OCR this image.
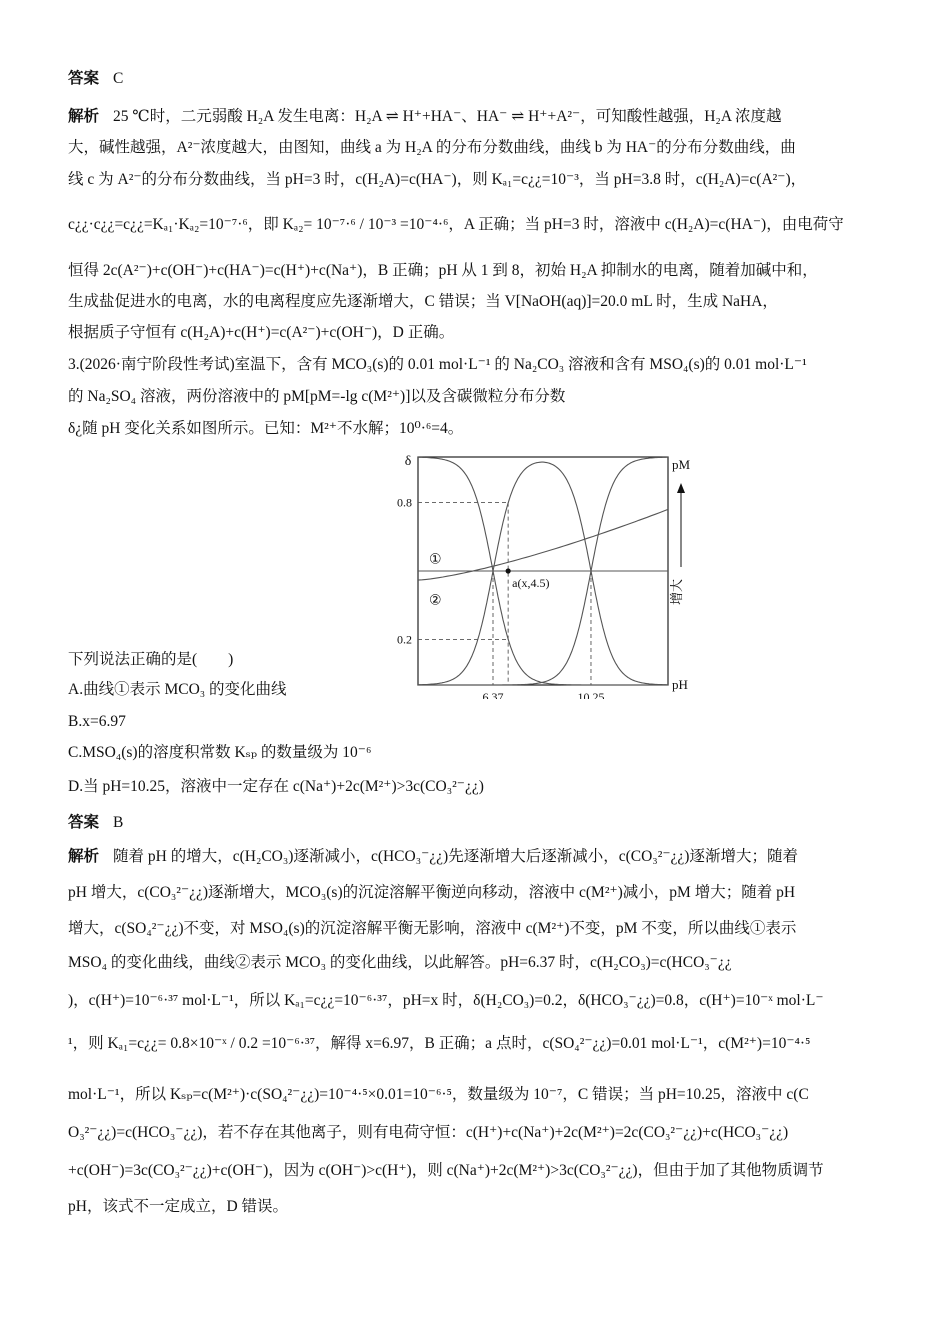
答案 C
解析 25 ℃时，二元弱酸 H₂A 发生电离：H₂A ⇌ H⁺+HA⁻、HA⁻ ⇌ H⁺+A²⁻，可知酸性越强，H₂A 浓度越
大，碱性越强，A²⁻浓度越大，由图知，曲线 a 为 H₂A 的分布分数曲线，曲线 b 为 HA⁻的分布分数曲线，曲
线 c 为 A²⁻的分布分数曲线，当 pH=3 时，c(H₂A)=c(HA⁻)，则 Kₐ₁=c¿¿=10⁻³，当 pH=3.8 时，c(H₂A)=c(A²⁻)，
c¿¿·c¿¿=c¿¿=Kₐ₁·Kₐ₂=10⁻⁷·⁶，即 Kₐ₂= 10⁻⁷·⁶ / 10⁻³ =10⁻⁴·⁶，A 正确；当 pH=3 时，溶液中 c(H₂A)=c(HA⁻)，由电荷守
恒得 2c(A²⁻)+c(OH⁻)+c(HA⁻)=c(H⁺)+c(Na⁺)，B 正确；pH 从 1 到 8，初始 H₂A 抑制水的电离，随着加碱中和，
生成盐促进水的电离，水的电离程度应先逐渐增大，C 错误；当 V[NaOH(aq)]=20.0 mL 时，生成 NaHA，
根据质子守恒有 c(H₂A)+c(H⁺)=c(A²⁻)+c(OH⁻)，D 正确。
3.(2026·南宁阶段性考试)室温下，含有 MCO₃(s)的 0.01 mol·L⁻¹ 的 Na₂CO₃ 溶液和含有 MSO₄(s)的 0.01 mol·L⁻¹
的 Na₂SO₄ 溶液，两份溶液中的 pM[pM=-lg c(M²⁺)]以及含碳微粒分布分数
δ¿随 pH 变化关系如图所示。已知：M²⁺不水解；10⁰·⁶=4。
a(x,4.5)
δ
0.8
0.2
6.37	10.25
pH
pM
增大
①
②
下列说法正确的是(　　)
A.曲线①表示 MCO₃ 的变化曲线
B.x=6.97
C.MSO₄(s)的溶度积常数 Kₛₚ 的数量级为 10⁻⁶
D.当 pH=10.25，溶液中一定存在 c(Na⁺)+2c(M²⁺)>3c(CO₃²⁻¿¿)
答案 B
解析 随着 pH 的增大，c(H₂CO₃)逐渐减小，c(HCO₃⁻¿¿)先逐渐增大后逐渐减小，c(CO₃²⁻¿¿)逐渐增大；随着
pH 增大，c(CO₃²⁻¿¿)逐渐增大，MCO₃(s)的沉淀溶解平衡逆向移动，溶液中 c(M²⁺)减小，pM 增大；随着 pH
增大，c(SO₄²⁻¿¿)不变，对 MSO₄(s)的沉淀溶解平衡无影响，溶液中 c(M²⁺)不变，pM 不变，所以曲线①表示
MSO₄ 的变化曲线，曲线②表示 MCO₃ 的变化曲线，以此解答。pH=6.37 时，c(H₂CO₃)=c(HCO₃⁻¿¿
)，c(H⁺)=10⁻⁶·³⁷ mol·L⁻¹，所以 Kₐ₁=c¿¿=10⁻⁶·³⁷，pH=x 时，δ(H₂CO₃)=0.2，δ(HCO₃⁻¿¿)=0.8，c(H⁺)=10⁻ˣ mol·L⁻
¹，则 Kₐ₁=c¿¿= 0.8×10⁻ˣ / 0.2 =10⁻⁶·³⁷，解得 x=6.97，B 正确；a 点时，c(SO₄²⁻¿¿)=0.01 mol·L⁻¹，c(M²⁺)=10⁻⁴·⁵
mol·L⁻¹，所以 Kₛₚ=c(M²⁺)·c(SO₄²⁻¿¿)=10⁻⁴·⁵×0.01=10⁻⁶·⁵，数量级为 10⁻⁷，C 错误；当 pH=10.25，溶液中 c(C
O₃²⁻¿¿)=c(HCO₃⁻¿¿)，若不存在其他离子，则有电荷守恒：c(H⁺)+c(Na⁺)+2c(M²⁺)=2c(CO₃²⁻¿¿)+c(HCO₃⁻¿¿)
+c(OH⁻)=3c(CO₃²⁻¿¿)+c(OH⁻)，因为 c(OH⁻)>c(H⁺)，则 c(Na⁺)+2c(M²⁺)>3c(CO₃²⁻¿¿)，但由于加了其他物质调节
pH，该式不一定成立，D 错误。
